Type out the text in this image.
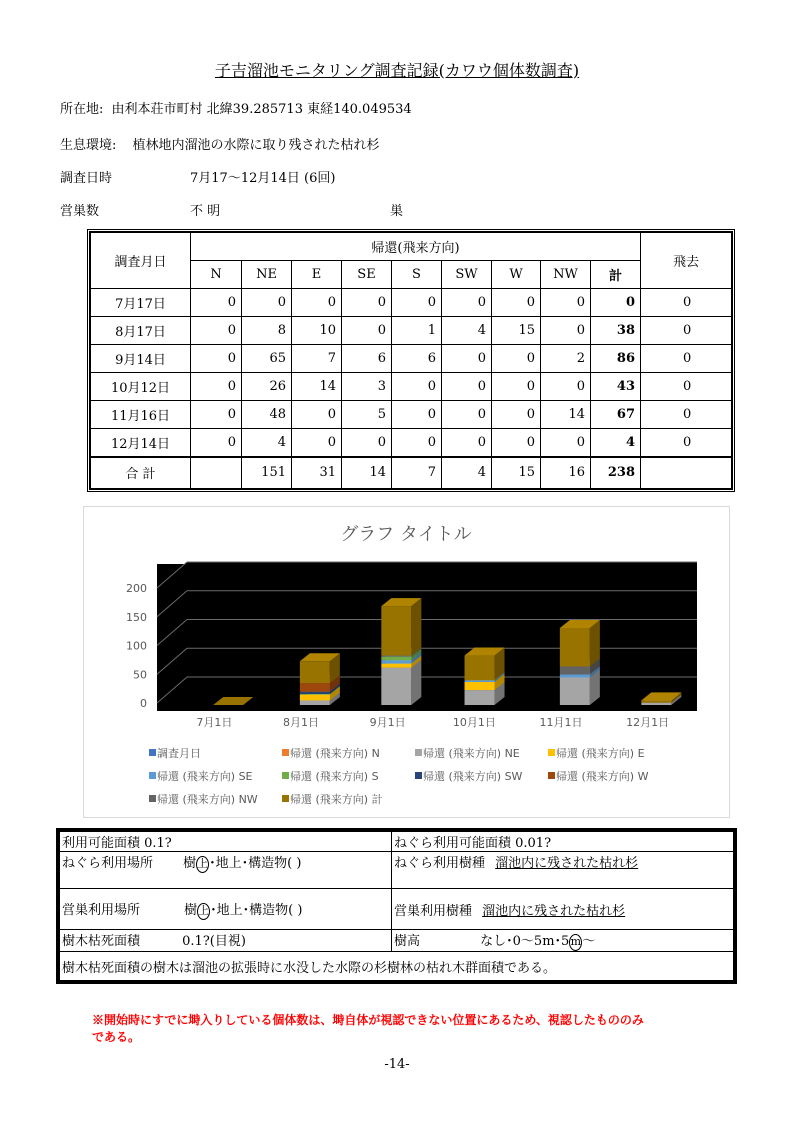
子吉溜池モニタリング調査記録(カワウ個体数調査)
所在地: 由利本荘市町村 北緯39.285713 東経140.049534
生息環境: 植林地内溜池の水際に取り残された枯れ杉
調査日時	7月17～12月14日 (6回)
営巣数	不 明	巣
調査月日	帰還(飛来方向)									飛去
	N	NE	E	SE	S	SW	W	NW	計	
7月17日	0	0	0	0	0	0	0	0	0	0
8月17日	0	8	10	0	1	4	15	0	38	0
9月14日	0	65	7	6	6	0	0	2	86	0
10月12日	0	26	14	3	0	0	0	0	43	0
11月16日	0	48	0	5	0	0	0	14	67	0
12月14日	0	4	0	0	0	0	0	0	4	0
合 計		151	31	14	7	4	15	16	238	
グラフ タイトル
0
50
100
150
200
7月1日	8月1日	9月1日	10月1日	11月1日	12月1日
調査月日	帰還 (飛来方向) N	帰還 (飛来方向) NE	帰還 (飛来方向) E
帰還 (飛来方向) SE	帰還 (飛来方向) S	帰還 (飛来方向) SW	帰還 (飛来方向) W
帰還 (飛来方向) NW	帰還 (飛来方向) 計
利用可能面積 0.1?	ねぐら利用可能面積 0.01?
ねぐら利用場所 樹上･地上･構造物( )	ねぐら利用樹種 溜池内に残された枯れ杉
営巣利用場所 樹上･地上･構造物( )	営巣利用樹種 溜池内に残された枯れ杉
樹木枯死面積 0.1?(目視)	樹高 なし･0～5m･5m～
樹木枯死面積の樹木は溜池の拡張時に水没した水際の杉樹林の枯れ木群面積である。	
※開始時にすでに塒入りしている個体数は、塒自体が視認できない位置にあるため、視認したもののみである。
-14-
